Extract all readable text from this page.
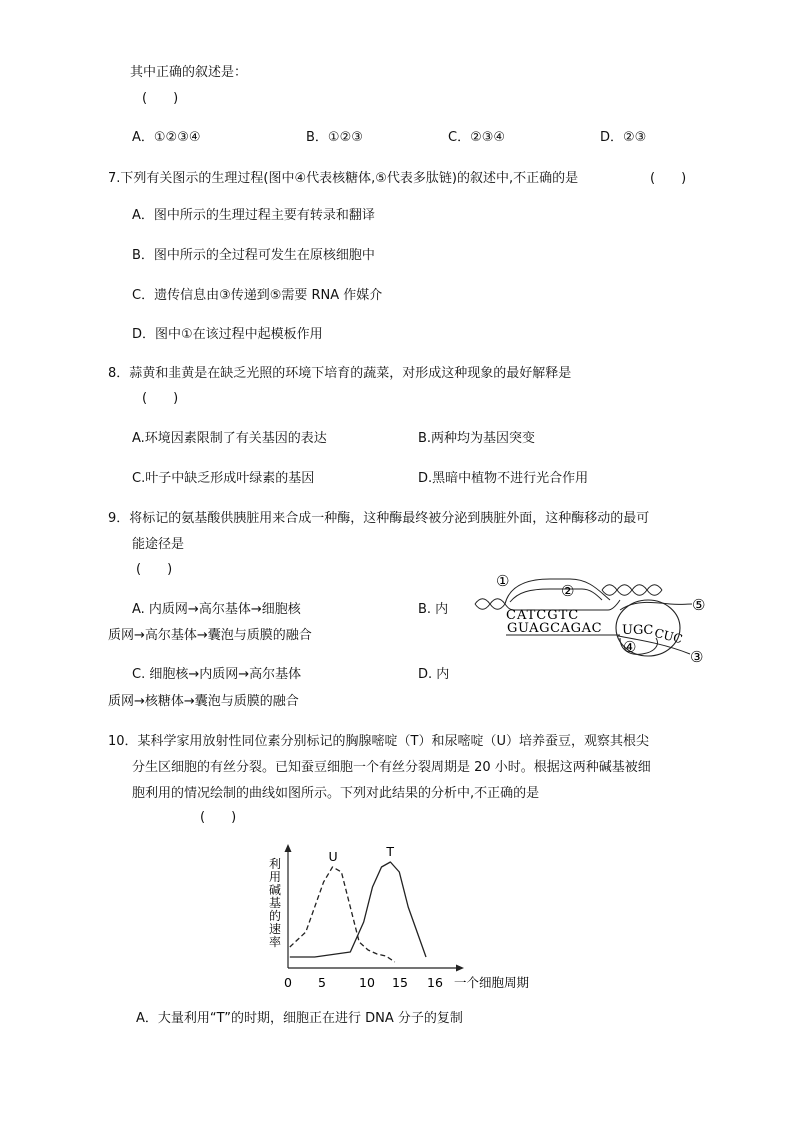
其中正确的叙述是：
(　　)
A．①②③④	B．①②③	C．②③④	D．②③
7.下列有关图示的生理过程(图中④代表核糖体,⑤代表多肽链)的叙述中,不正确的是	(　　)
A．图中所示的生理过程主要有转录和翻译
B．图中所示的全过程可发生在原核细胞中
C．遗传信息由③传递到⑤需要 RNA 作媒介
D．图中①在该过程中起模板作用
8．蒜黄和韭黄是在缺乏光照的环境下培育的蔬菜，对形成这种现象的最好解释是
(　　)
A.环境因素限制了有关基因的表达	B.两种均为基因突变
C.叶子中缺乏形成叶绿素的基因	D.黑暗中植物不进行光合作用
9．将标记的氨基酸供胰脏用来合成一种酶，这种酶最终被分泌到胰脏外面，这种酶移动的最可
能途径是
(　　)
A. 内质网→高尔基体→细胞核	B. 内
质网→高尔基体→囊泡与质膜的融合
C. 细胞核→内质网→高尔基体	D. 内
质网→核糖体→囊泡与质膜的融合
CATCGTC
GUAGCAGAC UGC CUC
①
②
③
④
⑤
10．某科学家用放射性同位素分别标记的胸腺嘧啶（T）和尿嘧啶（U）培养蚕豆，观察其根尖
分生区细胞的有丝分裂。已知蚕豆细胞一个有丝分裂周期是 20 小时。根据这两种碱基被细
胞利用的情况绘制的曲线如图所示。下列对此结果的分析中,不正确的是
(　　)
利
用
碱
基
的
速
率
一个细胞周期
0 5	10 15 16
U	T
A．大量利用“T”的时期，细胞正在进行 DNA 分子的复制
